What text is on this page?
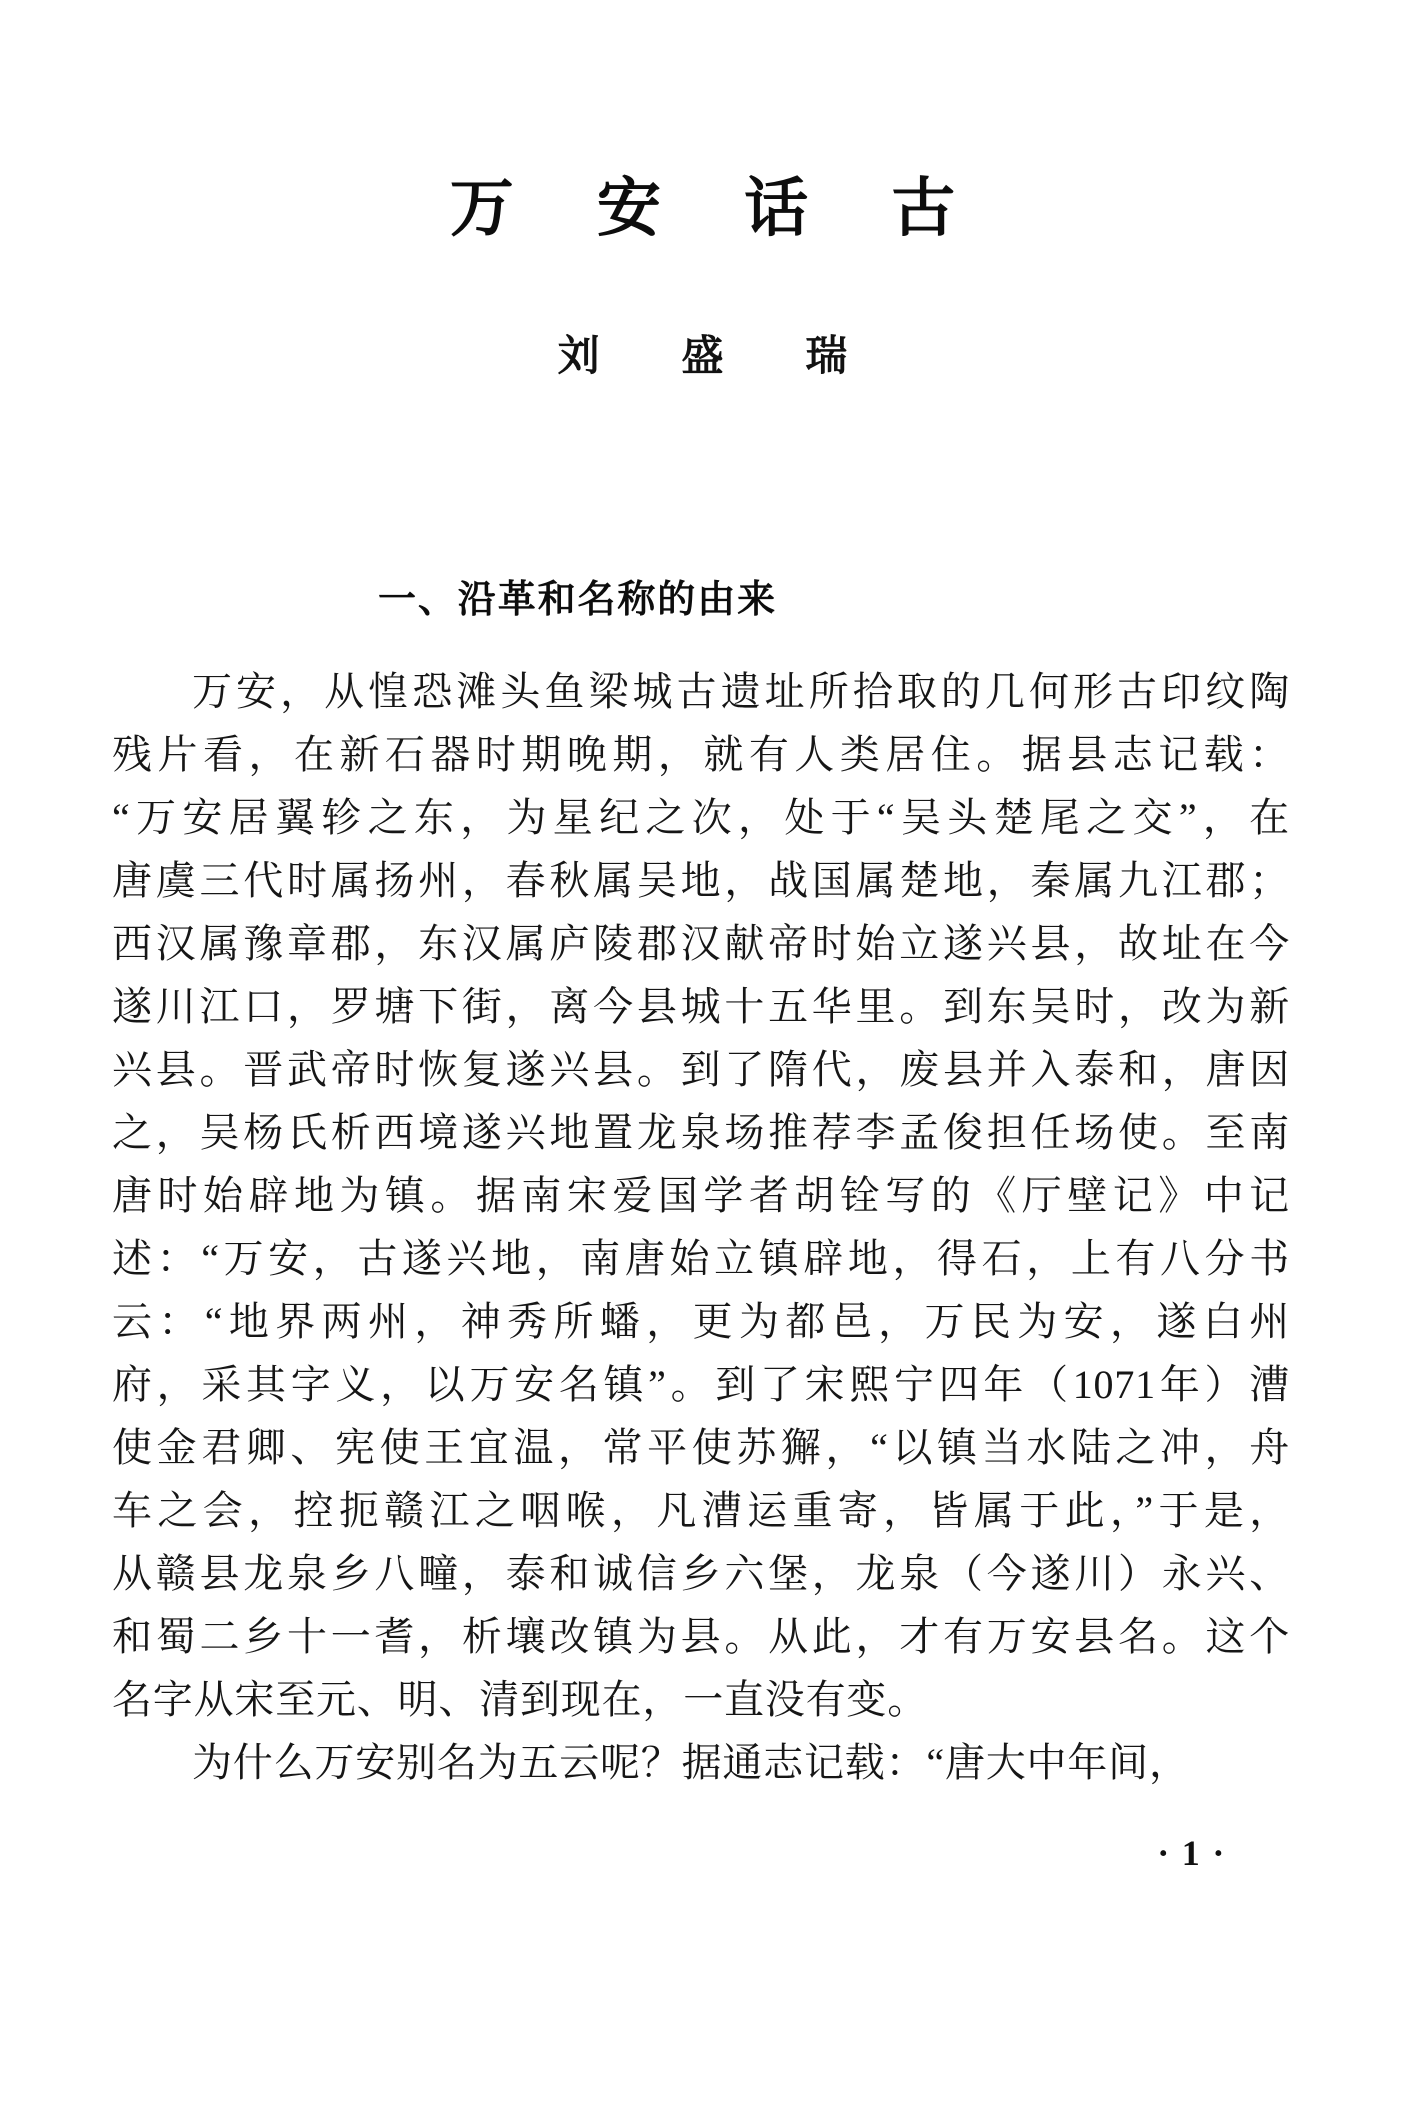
万安话古
刘盛瑞
一、沿革和名称的由来
万安，从惶恐滩头鱼梁城古遗址所拾取的几何形古印纹陶
残片看，在新石器时期晚期，就有人类居住。据县志记载：
“万安居翼轸之东，为星纪之次，处于“吴头楚尾之交”，在
唐虞三代时属扬州，春秋属吴地，战国属楚地，秦属九江郡；
西汉属豫章郡，东汉属庐陵郡汉献帝时始立遂兴县，故址在今
遂川江口，罗塘下街，离今县城十五华里。到东吴时，改为新
兴县。晋武帝时恢复遂兴县。到了隋代，废县并入泰和，唐因
之，吴杨氏析西境遂兴地置龙泉场推荐李孟俊担任场使。至南
唐时始辟地为镇。据南宋爱国学者胡铨写的《厅壁记》中记
述：“万安，古遂兴地，南唐始立镇辟地，得石，上有八分书
云：“地界两州，神秀所蟠，更为都邑，万民为安，遂白州
府，采其字义，以万安名镇”。到了宋熙宁四年（1071年）漕
使金君卿、宪使王宜温，常平使苏獬，“以镇当水陆之冲，舟
车之会，控扼赣江之咽喉，凡漕运重寄，皆属于此，”于是，
从赣县龙泉乡八疃，泰和诚信乡六堡，龙泉（今遂川）永兴、
和蜀二乡十一耆，析壤改镇为县。从此，才有万安县名。这个
名字从宋至元、明、清到现在，一直没有变。
为什么万安别名为五云呢？据通志记载：“唐大中年间，
·1·
